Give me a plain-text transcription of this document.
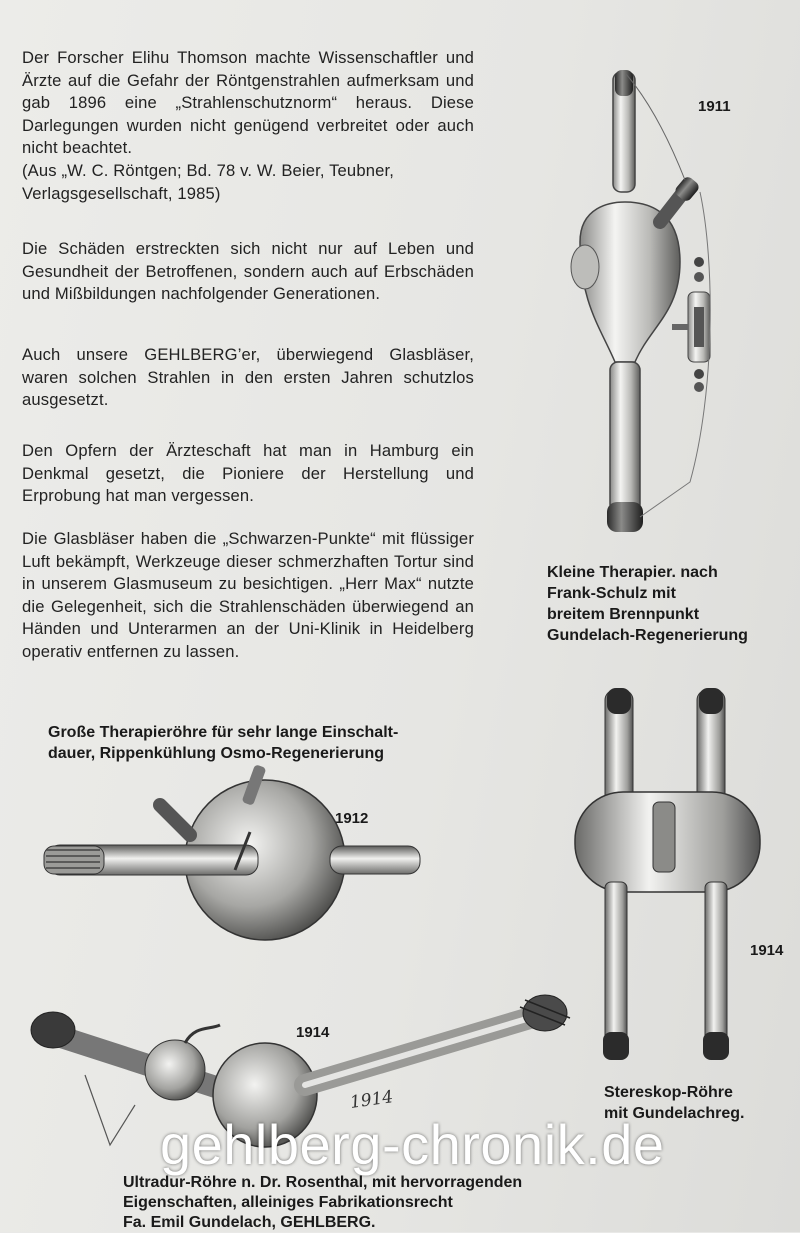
Der Forscher Elihu Thomson machte Wissenschaftler und Ärzte auf die Gefahr der Röntgenstrahlen aufmerksam und gab 1896 eine „Strahlenschutznorm“ heraus. Diese Darlegungen wurden nicht genügend verbreitet oder auch nicht beachtet.

(Aus „W. C. Röntgen; Bd. 78 v. W. Beier, Teubner, Verlagsgesellschaft, 1985)
Die Schäden erstreckten sich nicht nur auf Leben und Gesundheit der Betroffenen, sondern auch auf Erbschäden und Mißbildungen nachfolgender Generationen.
Auch unsere GEHLBERG’er, überwiegend Glasbläser, waren solchen Strahlen in den ersten Jahren schutzlos ausgesetzt.
Den Opfern der Ärzteschaft hat man in Hamburg ein Denkmal gesetzt, die Pioniere der Herstellung und Erprobung hat man vergessen.
Die Glasbläser haben die „Schwarzen-Punkte“ mit flüssiger Luft bekämpft, Werkzeuge dieser schmerzhaften Tortur sind in unserem Glasmuseum zu besichtigen. „Herr Max“ nutzte die Gelegenheit, sich die Strahlenschäden überwiegend an Händen und Unterarmen an der Uni-Klinik in Heidelberg operativ entfernen zu lassen.
1911
Kleine Therapier. nach
Frank-Schulz mit
breitem Brennpunkt
Gundelach-Regenerierung
Große Therapieröhre für sehr lange Einschalt-
dauer, Rippenkühlung Osmo-Regenerierung
1912
1914
Stereskop-Röhre
mit Gundelachreg.
1914
1914
Ultradur-Röhre n. Dr. Rosenthal, mit hervorragenden
Eigenschaften, alleiniges Fabrikationsrecht
Fa. Emil Gundelach, GEHLBERG.
gehlberg-chronik.de
